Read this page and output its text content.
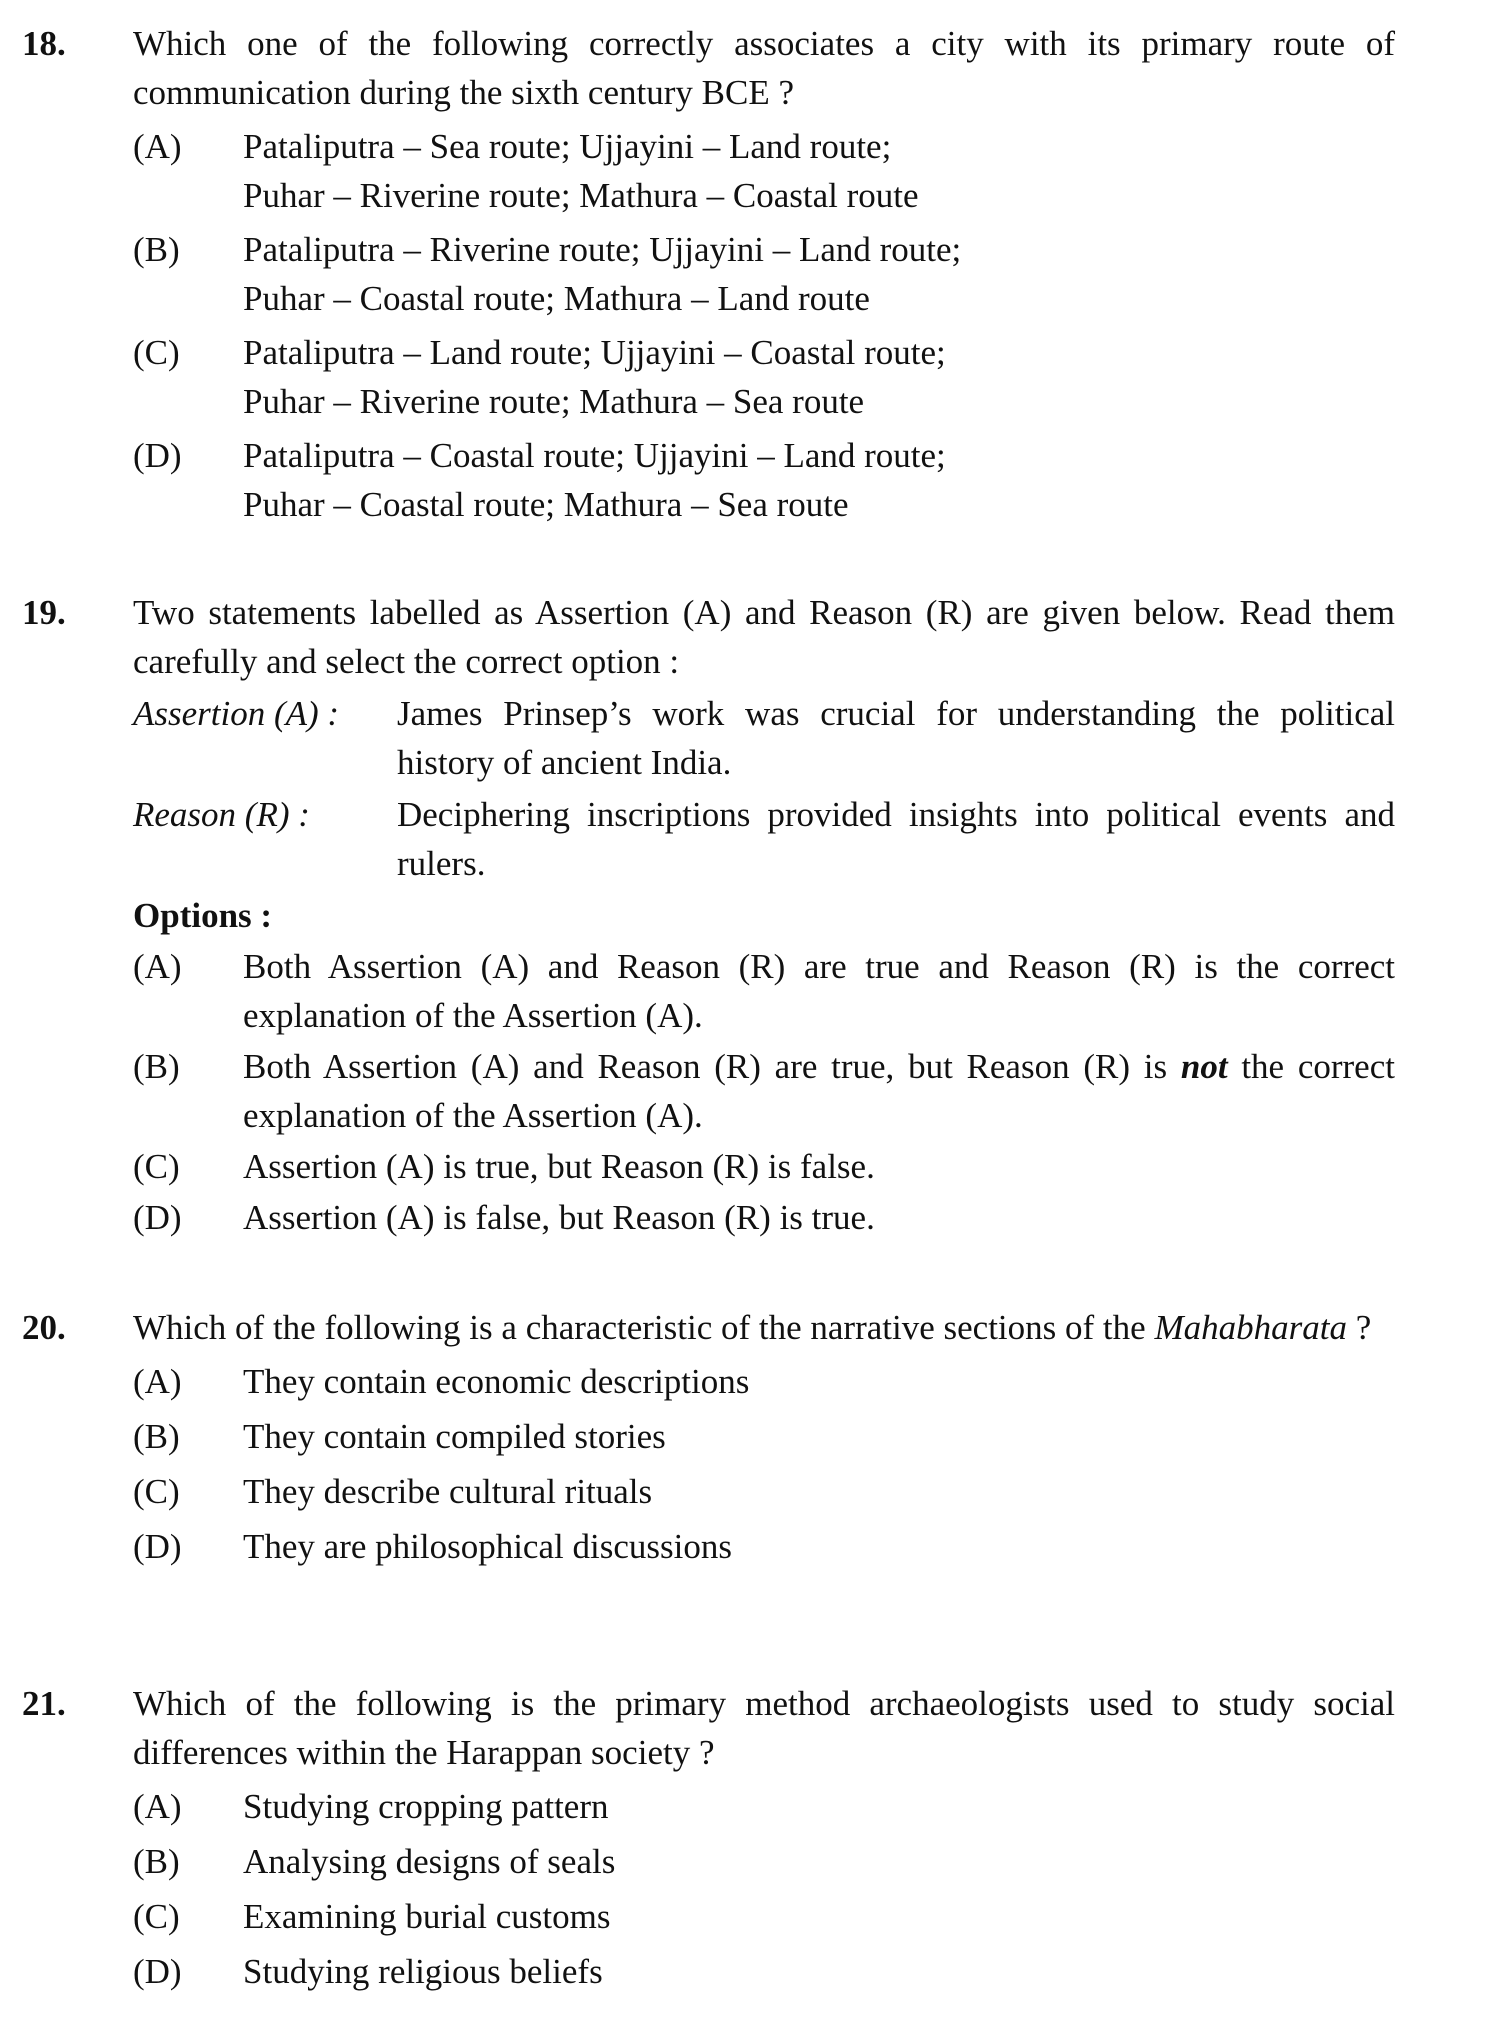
18. Which one of the following correctly associates a city with its primary route of communication during the sixth century BCE ?
(A) Pataliputra – Sea route; Ujjayini – Land route;
Puhar – Riverine route; Mathura – Coastal route
(B) Pataliputra – Riverine route; Ujjayini – Land route;
Puhar – Coastal route; Mathura – Land route
(C) Pataliputra – Land route; Ujjayini – Coastal route;
Puhar – Riverine route; Mathura – Sea route
(D) Pataliputra – Coastal route; Ujjayini – Land route;
Puhar – Coastal route; Mathura – Sea route
19. Two statements labelled as Assertion (A) and Reason (R) are given below. Read them carefully and select the correct option :
Assertion (A) : James Prinsep’s work was crucial for understanding the political history of ancient India.
Reason (R) : Deciphering inscriptions provided insights into political events and rulers.
Options :
(A) Both Assertion (A) and Reason (R) are true and Reason (R) is the correct explanation of the Assertion (A).
(B) Both Assertion (A) and Reason (R) are true, but Reason (R) is not the correct explanation of the Assertion (A).
(C) Assertion (A) is true, but Reason (R) is false.
(D) Assertion (A) is false, but Reason (R) is true.
20. Which of the following is a characteristic of the narrative sections of the Mahabharata ?
(A) They contain economic descriptions
(B) They contain compiled stories
(C) They describe cultural rituals
(D) They are philosophical discussions
21. Which of the following is the primary method archaeologists used to study social differences within the Harappan society ?
(A) Studying cropping pattern
(B) Analysing designs of seals
(C) Examining burial customs
(D) Studying religious beliefs
